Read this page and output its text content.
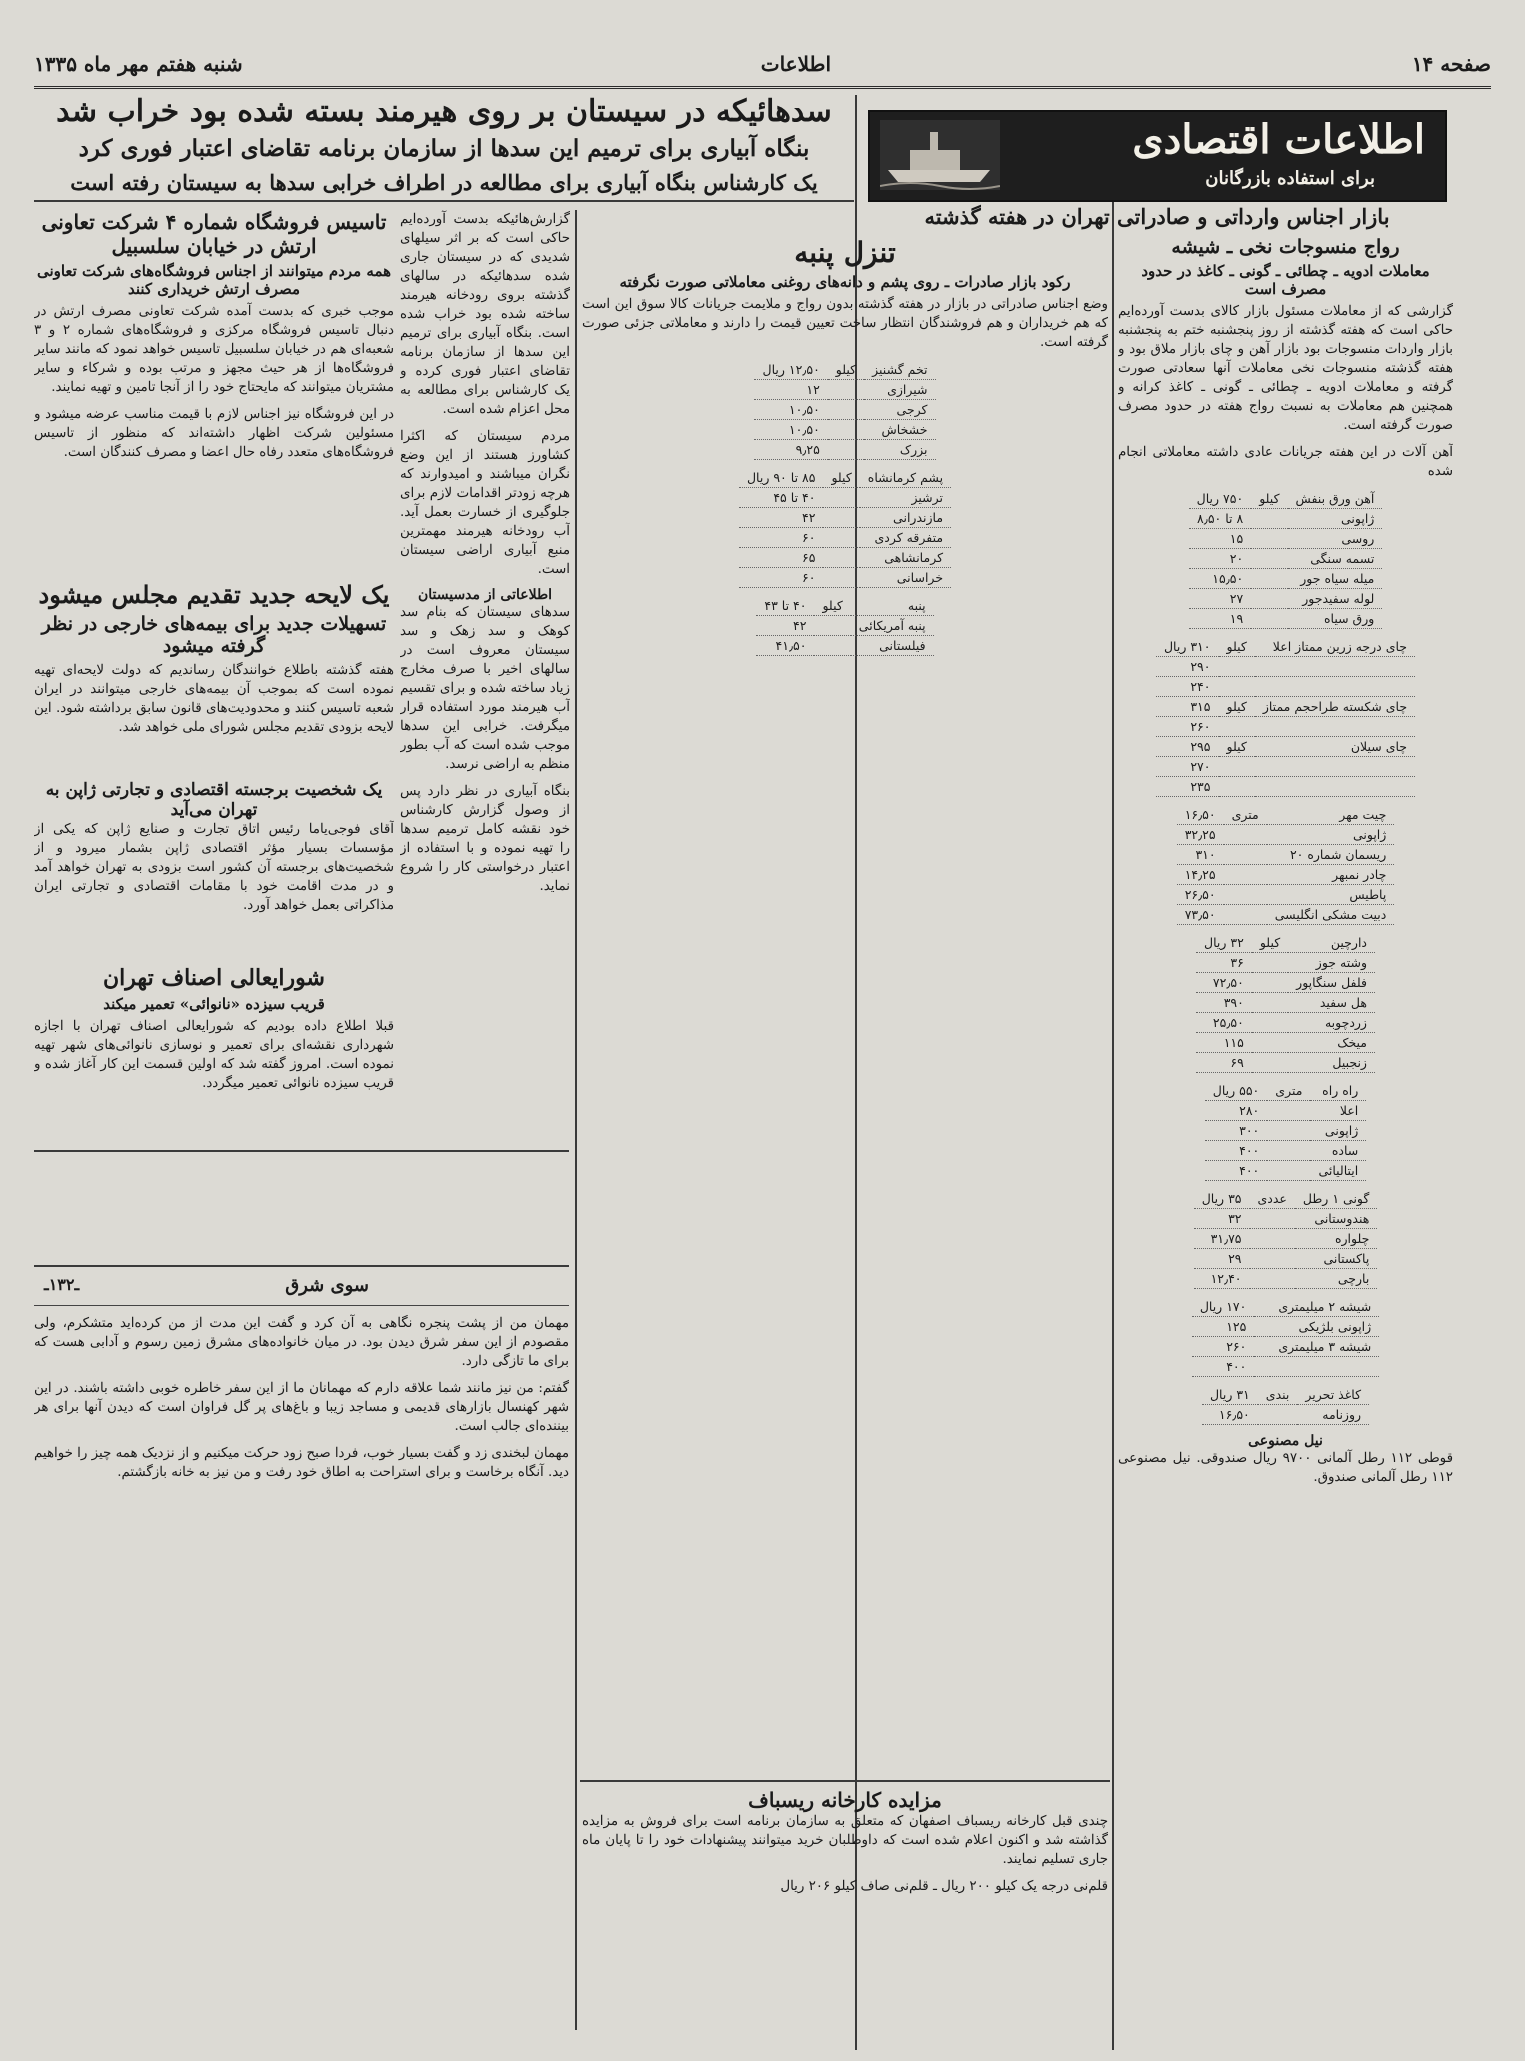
صفحه ۱۴
اطلاعات
شنبه هفتم مهر ماه ۱۳۳۵
اطلاعات اقتصادی
برای استفاده بازرگانان
سدهائیکه در سیستان بر روی هیرمند بسته شده بود خراب شد
بنگاه آبیاری برای ترمیم این سدها از سازمان برنامه تقاضای اعتبار فوری کرد
یک کارشناس بنگاه آبیاری برای مطالعه در اطراف خرابی سدها به سیستان رفته است
بازار اجناس وارداتی و صادراتی تهران در هفته گذشته
رواج منسوجات نخی ـ شیشه
معاملات ادویه ـ چطائی ـ گونی ـ کاغذ در حدود مصرف است

گزارشی که از معاملات مسئول بازار کالای بدست آورده‌ایم حاکی است که هفته گذشته از روز پنجشنبه ختم به پنجشنبه بازار واردات منسوجات بود بازار آهن و چای بازار ملاق بود و هفته گذشته منسوجات نخی معاملات آنها سعادتی صورت گرفته و معاملات ادویه ـ چطائی ـ گونی ـ کاغذ کرانه و همچنین هم معاملات به نسبت رواج هفته در حدود مصرف صورت گرفته است.

آهن آلات در این هفته جریانات عادی داشته معاملاتی انجام شده

آهن ورق بنفش	کیلو	۷۵۰ ریال
ژاپونی		۸ تا ۸٫۵۰
روسی		۱۵
تسمه سنگی		۲۰
میله سیاه جور		۱۵٫۵۰
لوله سفیدجور		۲۷
ورق سیاه		۱۹
چای درجه زرین ممتاز اعلا	کیلو	۳۱۰ ریال
		۲۹۰
		۲۴۰
چای شکسته طراحجم ممتاز	کیلو	۳۱۵
		۲۶۰
چای سیلان	کیلو	۲۹۵
		۲۷۰
		۲۳۵
چیت مهر	متری	۱۶٫۵۰
ژاپونی		۳۲٫۲۵
ریسمان شماره ۲۰		۳۱۰
چادر نمبهر		۱۴٫۲۵
پاطیس		۲۶٫۵۰
دبیت مشکی انگلیسی		۷۳٫۵۰
دارچین	کیلو	۳۲ ریال
وشته جوز		۳۶
فلفل سنگاپور		۷۲٫۵۰
هل سفید		۳۹۰
زردچوبه		۲۵٫۵۰
میخک		۱۱۵
زنجبیل		۶۹
راه راه	متری	۵۵۰ ریال
اعلا		۲۸۰
ژاپونی		۳۰۰
ساده		۴۰۰
ایتالیائی		۴۰۰
گونی ۱ رطل	عددی	۳۵ ریال
هندوستانی		۳۲
چلواره		۳۱٫۷۵
پاکستانی		۲۹
بارچی		۱۲٫۴۰
شیشه ۲ میلیمتری		۱۷۰ ریال
ژاپونی بلژیکی		۱۲۵
شیشه ۳ میلیمتری		۲۶۰
		۴۰۰
کاغذ تحریر	بندی	۳۱ ریال
روزنامه		۱۶٫۵۰
نیل مصنوعی

قوطی ۱۱۲ رطل آلمانی ۹۷۰۰ ریال صندوقی. نیل مصنوعی ۱۱۲ رطل آلمانی صندوق.

تنزل پنبه
رکود بازار صادرات ـ روی پشم و دانه‌های روغنی معاملاتی صورت نگرفته

وضع اجناس صادراتی در بازار در هفته گذشته بدون رواج و ملایمت جریانات کالا سوق این است که هم خریداران و هم فروشندگان انتظار ساخت تعیین قیمت را دارند و معاملاتی جزئی صورت گرفته است.

تخم گشنیز	کیلو	۱۲٫۵۰ ریال
شیرازی		۱۲
کرجی		۱۰٫۵۰
خشخاش		۱۰٫۵۰
بزرک		۹٫۲۵
پشم کرمانشاه	کیلو	۸۵ تا ۹۰ ریال
ترشیز		۴۰ تا ۴۵
مازندرانی		۴۲
متفرقه کردی		۶۰
کرمانشاهی		۶۵
خراسانی		۶۰
پنبه	کیلو	۴۰ تا ۴۳
پنبه آمریکائی		۴۲
فیلستانی		۴۱٫۵۰
مزایده کارخانه ریسباف

چندی قبل کارخانه ریسباف اصفهان که متعلق به سازمان برنامه است برای فروش به مزایده گذاشته شد و اکنون اعلام شده است که داوطلبان خرید میتوانند پیشنهادات خود را تا پایان ماه جاری تسلیم نمایند.

قلم‌نی درجه یک کیلو ۲۰۰ ریال ـ قلم‌نی صاف کیلو ۲۰۶ ریال

گزارش‌هائیکه بدست آورده‌ایم حاکی است که بر اثر سیلهای شدیدی که در سیستان جاری شده سدهائیکه در سالهای گذشته بروی رودخانه هیرمند ساخته شده بود خراب شده است. بنگاه آبیاری برای ترمیم این سدها از سازمان برنامه تقاضای اعتبار فوری کرده و یک کارشناس برای مطالعه به محل اعزام شده است.

مردم سیستان که اکثرا کشاورز هستند از این وضع نگران میباشند و امیدوارند که هرچه زودتر اقدامات لازم برای جلوگیری از خسارت بعمل آید. آب رودخانه هیرمند مهمترین منبع آبیاری اراضی سیستان است.

اطلاعاتی از مدسیستان

سدهای سیستان که بنام سد کوهک و سد زهک و سد سیستان معروف است در سالهای اخیر با صرف مخارج زیاد ساخته شده و برای تقسیم آب هیرمند مورد استفاده قرار میگرفت. خرابی این سدها موجب شده است که آب بطور منظم به اراضی نرسد.

بنگاه آبیاری در نظر دارد پس از وصول گزارش کارشناس خود نقشه کامل ترمیم سدها را تهیه نموده و با استفاده از اعتبار درخواستی کار را شروع نماید.

تاسیس فروشگاه شماره ۴ شرکت تعاونی ارتش در خیابان سلسبیل
همه مردم میتوانند از اجناس فروشگاه‌های شرکت تعاونی مصرف ارتش خریداری کنند

موجب خبری که بدست آمده شرکت تعاونی مصرف ارتش در دنبال تاسیس فروشگاه مرکزی و فروشگاه‌های شماره ۲ و ۳ شعبه‌ای هم در خیابان سلسبیل تاسیس خواهد نمود که مانند سایر فروشگاه‌ها از هر حیث مجهز و مرتب بوده و شرکاء و سایر مشتریان میتوانند که مایحتاج خود را از آنجا تامین و تهیه نمایند.

در این فروشگاه نیز اجناس لازم با قیمت مناسب عرضه میشود و مسئولین شرکت اظهار داشته‌اند که منظور از تاسیس فروشگاه‌های متعدد رفاه حال اعضا و مصرف کنندگان است.

یک لایحه جدید تقدیم مجلس میشود
تسهیلات جدید برای بیمه‌های خارجی در نظر گرفته میشود

هفته گذشته باطلاع خوانندگان رساندیم که دولت لایحه‌ای تهیه نموده است که بموجب آن بیمه‌های خارجی میتوانند در ایران شعبه تاسیس کنند و محدودیت‌های قانون سابق برداشته شود. این لایحه بزودی تقدیم مجلس شورای ملی خواهد شد.

یک شخصیت برجسته اقتصادی و تجارتی ژاپن به تهران می‌آید

آقای فوجی‌یاما رئیس اتاق تجارت و صنایع ژاپن که یکی از مؤسسات بسیار مؤثر اقتصادی ژاپن بشمار میرود و از شخصیت‌های برجسته آن کشور است بزودی به تهران خواهد آمد و در مدت اقامت خود با مقامات اقتصادی و تجارتی ایران مذاکراتی بعمل خواهد آورد.

شورایعالی اصناف تهران
قریب سیزده «نانوائی» تعمیر میکند

قبلا اطلاع داده بودیم که شورایعالی اصناف تهران با اجازه شهرداری نقشه‌ای برای تعمیر و نوسازی نانوائی‌های شهر تهیه نموده است. امروز گفته شد که اولین قسمت این کار آغاز شده و قریب سیزده نانوائی تعمیر میگردد.

سوی شرق
ـ۱۳۲ـ

مهمان من از پشت پنجره نگاهی به آن کرد و گفت این مدت از من کرده‌اید متشکرم، ولی مقصودم از این سفر شرق دیدن بود. در میان خانواده‌های مشرق زمین رسوم و آدابی هست که برای ما تازگی دارد.

گفتم: من نیز مانند شما علاقه دارم که مهمانان ما از این سفر خاطره خوبی داشته باشند. در این شهر کهنسال بازارهای قدیمی و مساجد زیبا و باغ‌های پر گل فراوان است که دیدن آنها برای هر بیننده‌ای جالب است.

مهمان لبخندی زد و گفت بسیار خوب، فردا صبح زود حرکت میکنیم و از نزدیک همه چیز را خواهیم دید. آنگاه برخاست و برای استراحت به اطاق خود رفت و من نیز به خانه بازگشتم.
